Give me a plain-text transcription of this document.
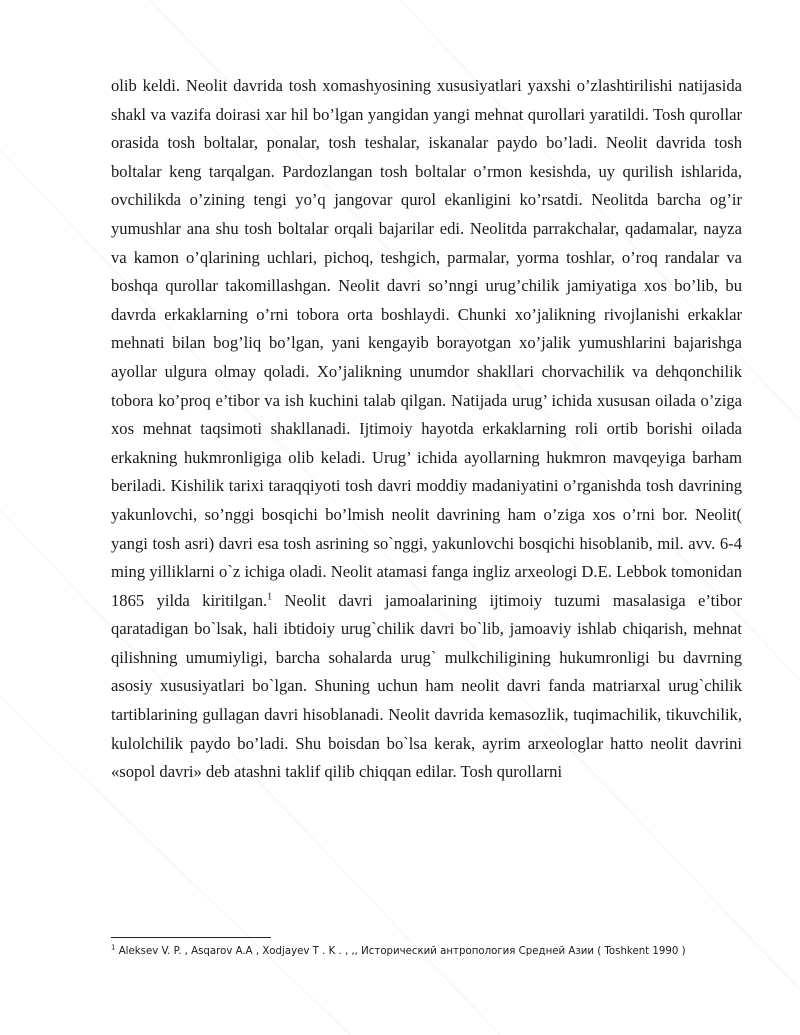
olib keldi. Neolit davrida tosh xomashyosining xususiyatlari yaxshi o’zlashtirilishi natijasida shakl va vazifa doirasi xar hil bo’lgan yangidan yangi mehnat qurollari yaratildi. Tosh qurollar orasida tosh boltalar, ponalar, tosh teshalar, iskanalar paydo bo’ladi. Neolit davrida tosh boltalar keng tarqalgan. Pardozlangan tosh boltalar o’rmon kesishda, uy qurilish ishlarida, ovchilikda o’zining tengi yo’q jangovar qurol ekanligini ko’rsatdi. Neolitda barcha og’ir yumushlar ana shu tosh boltalar orqali bajarilar edi. Neolitda parrakchalar, qadamalar, nayza va kamon o’qlarining uchlari, pichoq, teshgich, parmalar, yorma toshlar, o’roq randalar va boshqa qurollar takomillashgan. Neolit davri so’nngi urug’chilik jamiyatiga xos bo’lib, bu davrda erkaklarning o’rni tobora orta boshlaydi. Chunki xo’jalikning rivojlanishi erkaklar mehnati bilan bog’liq bo’lgan, yani kengayib borayotgan xo’jalik yumushlarini bajarishga ayollar ulgura olmay qoladi. Xo’jalikning unumdor shakllari chorvachilik va dehqonchilik tobora ko’proq e’tibor va ish kuchini talab qilgan. Natijada urug’ ichida xususan oilada o’ziga xos mehnat taqsimoti shakllanadi. Ijtimoiy hayotda erkaklarning roli ortib borishi oilada erkakning hukmronligiga olib keladi. Urug’ ichida ayollarning hukmron mavqeyiga barham beriladi. Kishilik tarixi taraqqiyoti tosh davri moddiy madaniyatini o’rganishda tosh davrining yakunlovchi, so’nggi bosqichi bo’lmish neolit davrining ham o’ziga xos o’rni bor. Neolit( yangi tosh asri) davri esa tosh asrining so`nggi, yakunlovchi bosqichi hisoblanib, mil. avv. 6-4 ming yilliklarni o`z ichiga oladi. Neolit atamasi fanga ingliz arxeologi D.E. Lebbok tomonidan 1865 yilda kiritilgan.$^1$ Neolit davri jamoalarining ijtimoiy tuzumi masalasiga e’tibor qaratadigan bo`lsak, hali ibtidoiy urug`chilik davri bo`lib, jamoaviy ishlab chiqarish, mehnat qilishning umumiyligi, barcha sohalarda urug` mulkchiligining hukumronligi bu davrning asosiy xususiyatlari bo`lgan. Shuning uchun ham neolit davri fanda matriarxal urug`chilik tartiblarining gullagan davri hisoblanadi. Neolit davrida kemasozlik, tuqimachilik, tikuvchilik, kulolchilik paydo bo’ladi. Shu boisdan bo`lsa kerak, ayrim arxeologlar hatto neolit davrini «sopol davri» deb atashni taklif qilib chiqqan edilar. Tosh qurollarni

$^1$ Aleksev V. P. , Asqarov A.A , Xodjayev T . K . , ,, Исторический антропология Средней Азии ( Toshkent 1990 )
